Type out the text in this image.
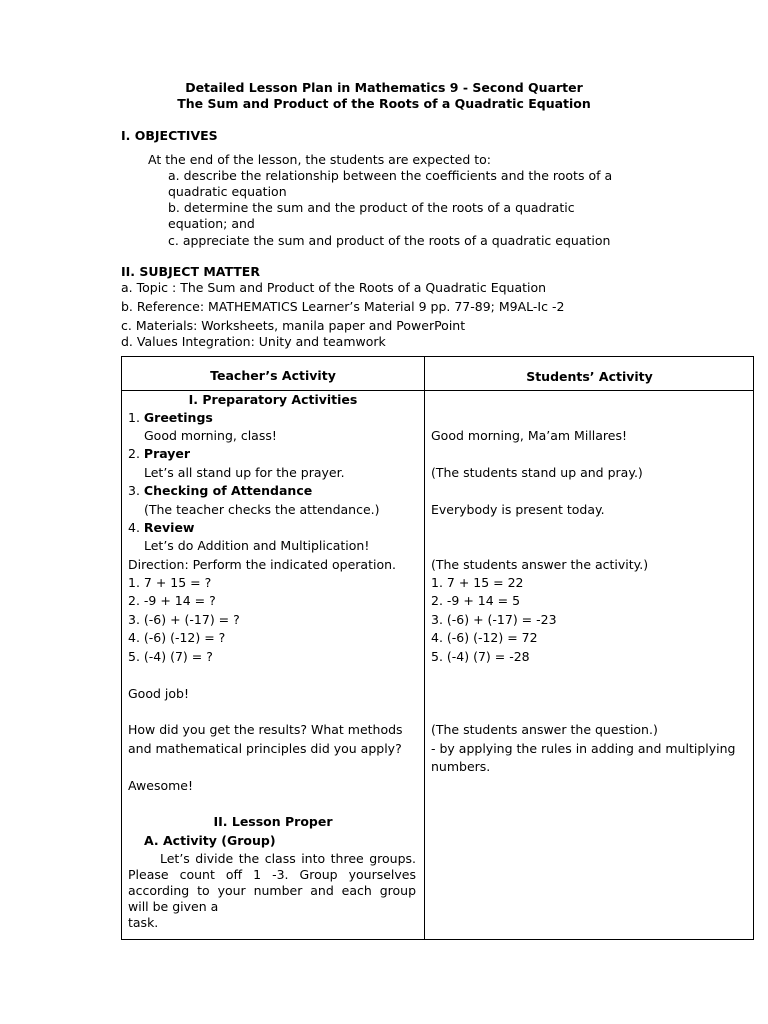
Detailed Lesson Plan in Mathematics 9 - Second Quarter
The Sum and Product of the Roots of a Quadratic Equation
I. OBJECTIVES
At the end of the lesson, the students are expected to:
a. describe the relationship between the coefficients and the roots of a
quadratic equation
b. determine the sum and the product of the roots of a quadratic
equation; and
c. appreciate the sum and product of the roots of a quadratic equation
II. SUBJECT MATTER
a. Topic : The Sum and Product of the Roots of a Quadratic Equation
b. Reference: MATHEMATICS Learner’s Material 9 pp. 77-89; M9AL-Ic -2
c. Materials: Worksheets, manila paper and PowerPoint
d. Values Integration: Unity and teamwork
Teacher’s Activity	Students’ Activity
I. Preparatory Activities
1. Greetings
Good morning, class!
2. Prayer
Let’s all stand up for the prayer.
3. Checking of Attendance
(The teacher checks the attendance.)
4. Review
Let’s do Addition and Multiplication!
Direction: Perform the indicated operation.
1. 7 + 15 = ?
2. -9 + 14 = ?
3. (-6) + (-17) = ?
4. (-6) (-12) = ?
5. (-4) (7) = ?
Good job!
How did you get the results? What methods
and mathematical principles did you apply?
Awesome!
II. Lesson Proper
A. Activity (Group)
Let’s divide the class into three groups. Please count off 1 -3. Group yourselves according to your number and each group will be given a
task.
Good morning, Ma’am Millares!
(The students stand up and pray.)
Everybody is present today.
(The students answer the activity.)
1. 7 + 15 = 22
2. -9 + 14 = 5
3. (-6) + (-17) = -23
4. (-6) (-12) = 72
5. (-4) (7) = -28
(The students answer the question.)
- by applying the rules in adding and multiplying
numbers.
